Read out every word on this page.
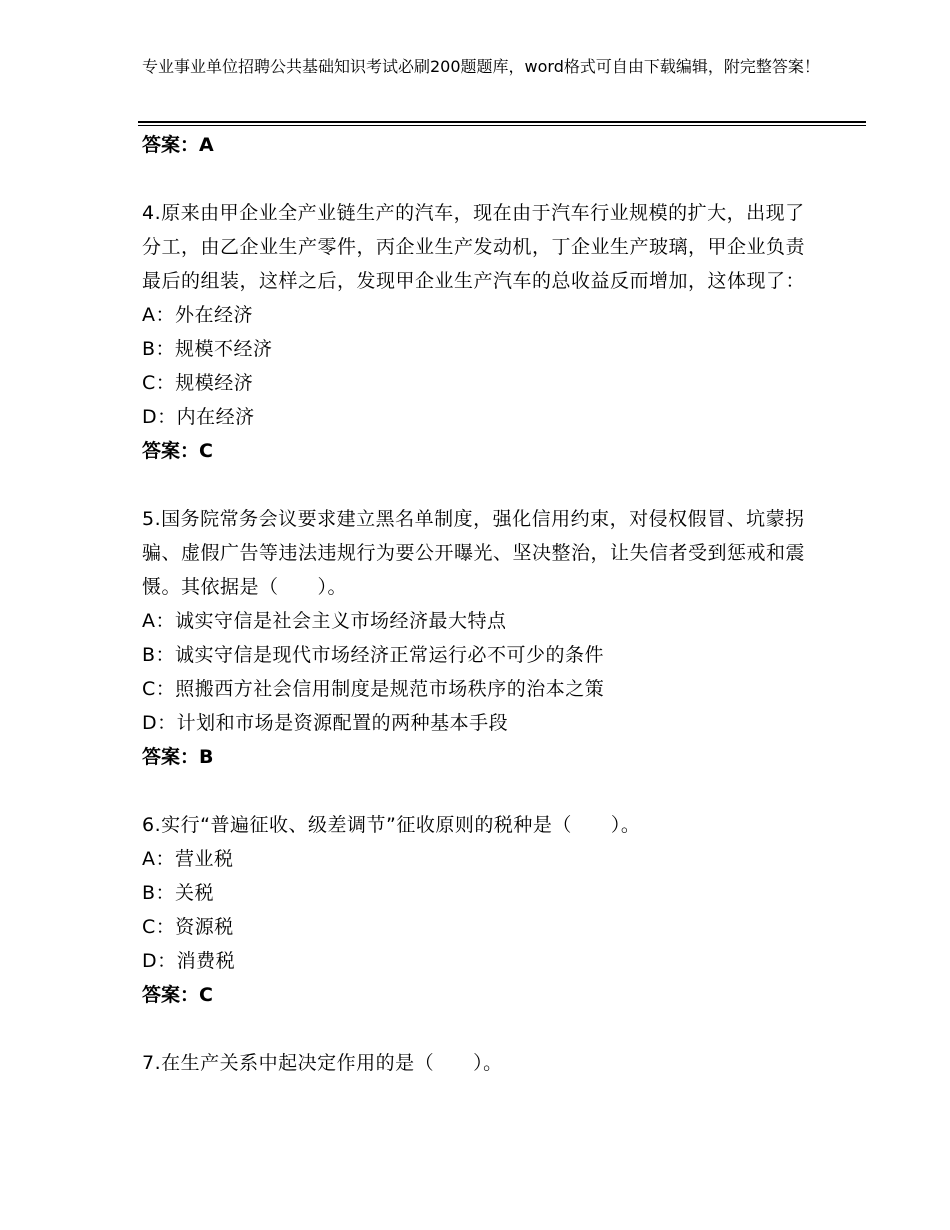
专业事业单位招聘公共基础知识考试必刷200题题库，word格式可自由下载编辑，附完整答案！

答案：A

4.原来由甲企业全产业链生产的汽车，现在由于汽车行业规模的扩大，出现了分工，由乙企业生产零件，丙企业生产发动机，丁企业生产玻璃，甲企业负责最后的组装，这样之后，发现甲企业生产汽车的总收益反而增加，这体现了：

A：外在经济

B：规模不经济

C：规模经济

D：内在经济

答案：C

5.国务院常务会议要求建立黑名单制度，强化信用约束，对侵权假冒、坑蒙拐骗、虚假广告等违法违规行为要公开曝光、坚决整治，让失信者受到惩戒和震慑。其依据是（　　）。

A：诚实守信是社会主义市场经济最大特点

B：诚实守信是现代市场经济正常运行必不可少的条件

C：照搬西方社会信用制度是规范市场秩序的治本之策

D：计划和市场是资源配置的两种基本手段

答案：B

6.实行“普遍征收、级差调节”征收原则的税种是（　　）。

A：营业税

B：关税

C：资源税

D：消费税

答案：C

7.在生产关系中起决定作用的是（　　）。
